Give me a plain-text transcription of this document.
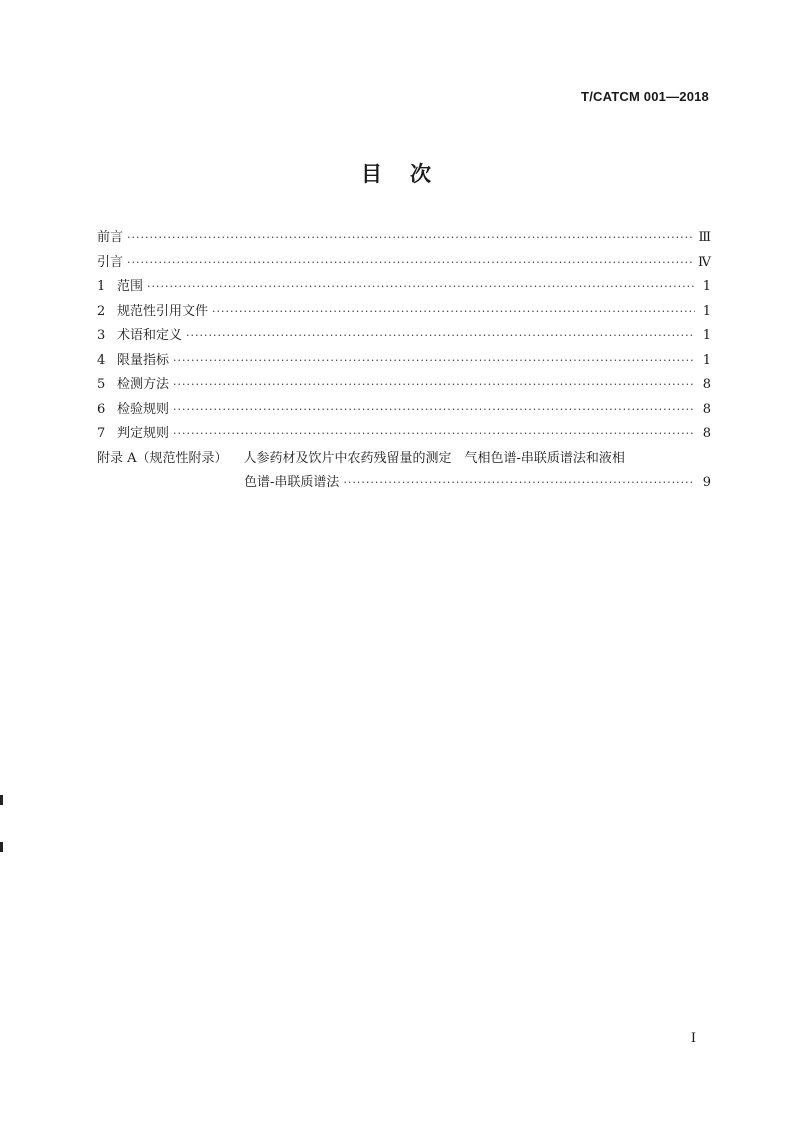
T/CATCM 001—2018
目 次
前言 ·····	Ⅲ
引言 ·····	Ⅳ
1 范围 ·····	1
2 规范性引用文件 ·····	1
3 术语和定义 ·····	1
4 限量指标 ·····	1
5 检测方法 ·····	8
6 检验规则 ·····	8
7 判定规则 ·····	8
附录 A（规范性附录） 人参药材及饮片中农药残留量的测定　气相色谱-串联质谱法和液相
色谱-串联质谱法 ·····	9
I
